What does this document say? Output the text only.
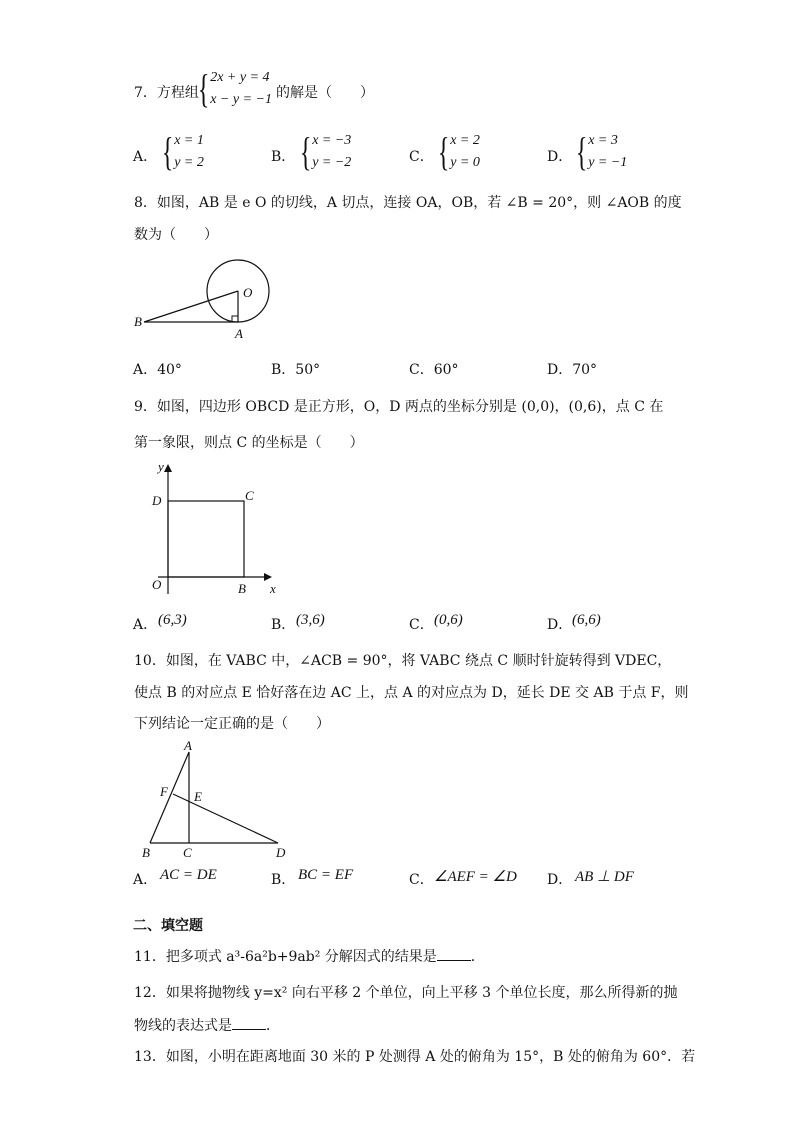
7．方程组
{ 2x + y = 4
x − y = −1 的解是（　　）
A． { x = 1
y = 2	B． { x = −3
y = −2	C． { x = 2
y = 0	D． { x = 3
y = −1
8．如图，AB 是 e O 的切线，A 切点，连接 OA，OB，若 ∠B = 20°，则 ∠AOB 的度
数为（　　）
O
A
B
A．40°	B．50°	C．60°	D．70°
9．如图，四边形 OBCD 是正方形，O，D 两点的坐标分别是 (0,0)，(0,6)，点 C 在
第一象限，则点 C 的坐标是（　　）
y
x
O	B
C
D
A． (6,3)	B． (3,6)	C． (0,6)	D． (6,6)
10．如图，在 VABC 中，∠ACB = 90°，将 VABC 绕点 C 顺时针旋转得到 VDEC，
使点 B 的对应点 E 恰好落在边 AC 上，点 A 的对应点为 D，延长 DE 交 AB 于点 F，则
下列结论一定正确的是（　　）
A
F E
B	C	D
A． AC = DE	B． BC = EF	C． ∠AEF = ∠D D． AB ⊥ DF
二、填空题
11．把多项式 a³-6a²b+9ab² 分解因式的结果是 ．
12．如果将抛物线 y=x² 向右平移 2 个单位，向上平移 3 个单位长度，那么所得新的抛
物线的表达式是 ．
13．如图，小明在距离地面 30 米的 P 处测得 A 处的俯角为 15°，B 处的俯角为 60°．若
